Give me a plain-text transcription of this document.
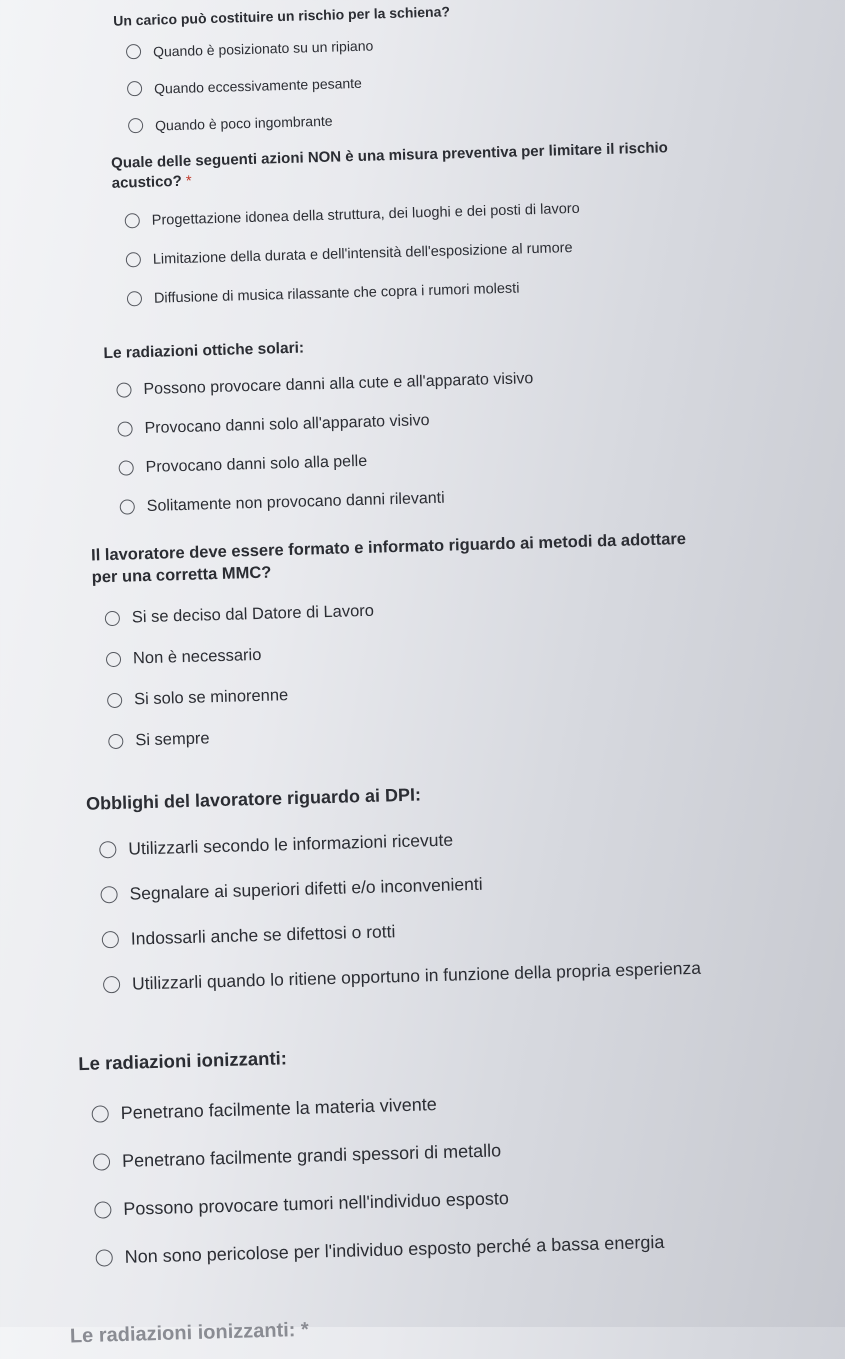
Un carico può costituire un rischio per la schiena?
Quando è posizionato su un ripiano
Quando eccessivamente pesante
Quando è poco ingombrante
Quale delle seguenti azioni NON è una misura preventiva per limitare il rischio acustico? *
Progettazione idonea della struttura, dei luoghi e dei posti di lavoro
Limitazione della durata e dell'intensità dell'esposizione al rumore
Diffusione di musica rilassante che copra i rumori molesti
Le radiazioni ottiche solari:
Possono provocare danni alla cute e all'apparato visivo
Provocano danni solo all'apparato visivo
Provocano danni solo alla pelle
Solitamente non provocano danni rilevanti
Il lavoratore deve essere formato e informato riguardo ai metodi da adottare per una corretta MMC?
Si se deciso dal Datore di Lavoro
Non è necessario
Si solo se minorenne
Si sempre
Obblighi del lavoratore riguardo ai DPI:
Utilizzarli secondo le informazioni ricevute
Segnalare ai superiori difetti e/o inconvenienti
Indossarli anche se difettosi o rotti
Utilizzarli quando lo ritiene opportuno in funzione della propria esperienza
Le radiazioni ionizzanti:
Penetrano facilmente la materia vivente
Penetrano facilmente grandi spessori di metallo
Possono provocare tumori nell'individuo esposto
Non sono pericolose per l'individuo esposto perché a bassa energia
Le radiazioni ionizzanti: *
